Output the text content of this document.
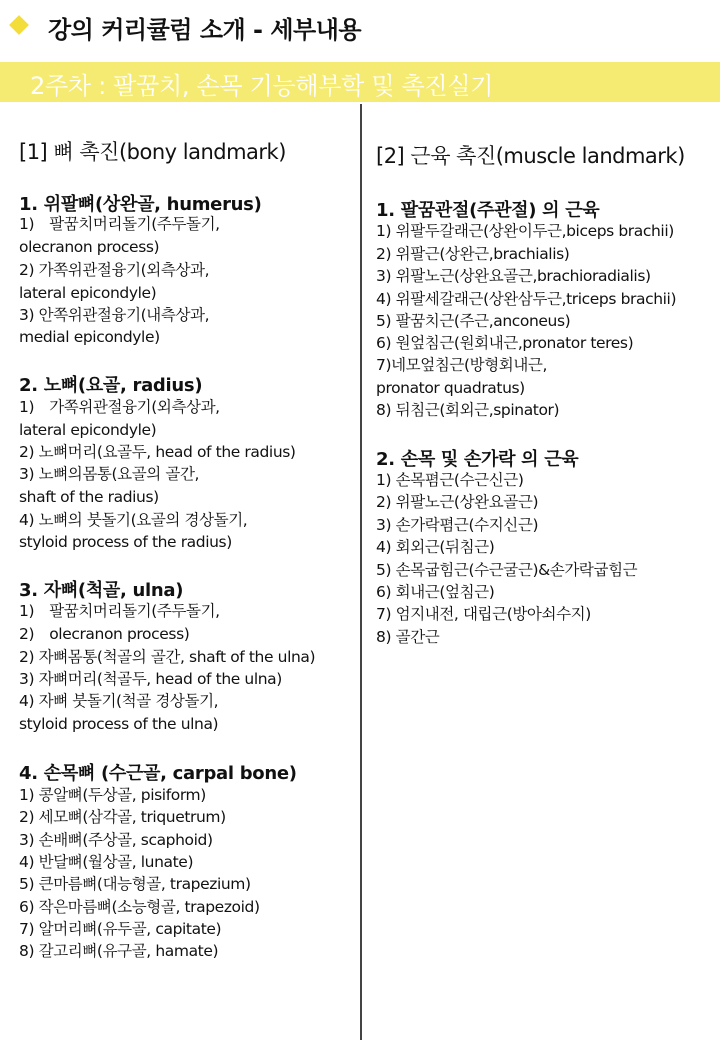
강의 커리큘럼 소개 - 세부내용
2주차 : 팔꿈치, 손목 기능해부학 및 촉진실기
[1] 뼈 촉진(bony landmark)
1. 위팔뼈(상완골, humerus)
1)　팔꿈치머리돌기(주두돌기,
olecranon process)
2) 가쪽위관절융기(외측상과,
lateral epicondyle)
3) 안쪽위관절융기(내측상과,
medial epicondyle)
2. 노뼈(요골, radius)
1)　가쪽위관절융기(외측상과,
lateral epicondyle)
2) 노뼈머리(요골두, head of the radius)
3) 노뼈의몸통(요골의 골간,
shaft of the radius)
4) 노뼈의 붓돌기(요골의 경상돌기,
styloid process of the radius)
3. 자뼈(척골, ulna)
1)　팔꿈치머리돌기(주두돌기,
2)　olecranon process)
2) 자뼈몸통(척골의 골간, shaft of the ulna)
3) 자뼈머리(척골두, head of the ulna)
4) 자뼈 붓돌기(척골 경상돌기,
styloid process of the ulna)
4. 손목뼈 (수근골, carpal bone)
1) 콩알뼈(두상골, pisiform)
2) 세모뼈(삼각골, triquetrum)
3) 손배뼈(주상골, scaphoid)
4) 반달뼈(월상골, lunate)
5) 큰마름뼈(대능형골, trapezium)
6) 작은마름뼈(소능형골, trapezoid)
7) 알머리뼈(유두골, capitate)
8) 갈고리뼈(유구골, hamate)
[2] 근육 촉진(muscle landmark)
1. 팔꿈관절(주관절) 의 근육
1) 위팔두갈래근(상완이두근,biceps brachii)
2) 위팔근(상완근,brachialis)
3) 위팔노근(상완요골근,brachioradialis)
4) 위팔세갈래근(상완삼두근,triceps brachii)
5) 팔꿈치근(주근,anconeus)
6) 원엎침근(원회내근,pronator teres)
7)네모엎침근(방형회내근,
pronator quadratus)
8) 뒤침근(회외근,spinator)
2. 손목 및 손가락 의 근육
1) 손목폄근(수근신근)
2) 위팔노근(상완요골근)
3) 손가락폄근(수지신근)
4) 회외근(뒤침근)
5) 손목굽힘근(수근굴근)&손가락굽힘근
6) 회내근(엎침근)
7) 엄지내전, 대립근(방아쇠수지)
8) 골간근
